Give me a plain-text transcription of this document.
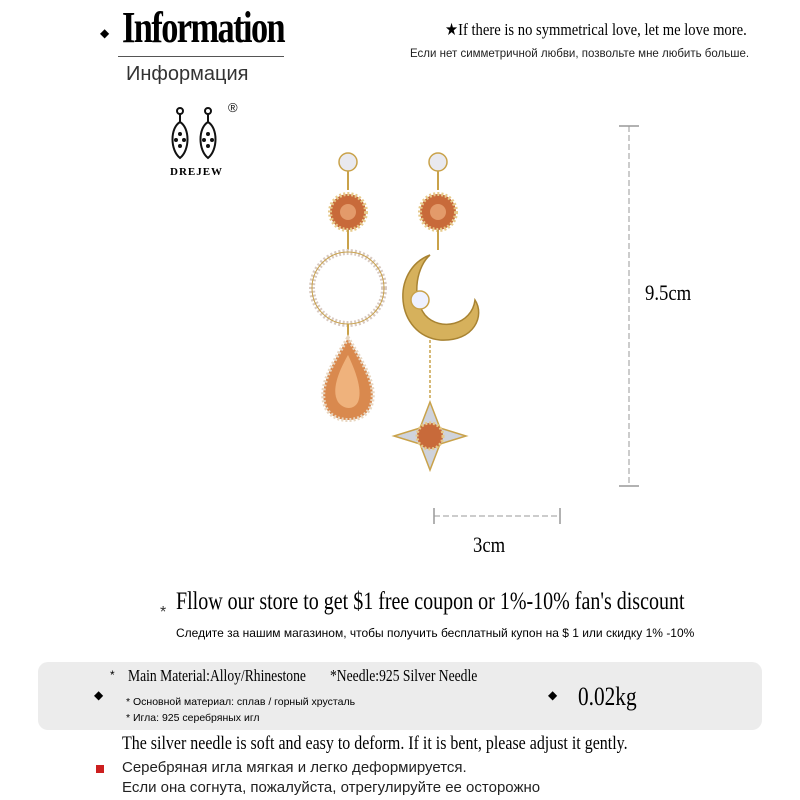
◆ Information
Информация
®
DREJEW
★If there is no symmetrical love, let me love more.
Если нет симметричной любви, позвольте мне любить больше.
9.5cm
3cm
* Fllow our store to get $1 free coupon or 1%-10% fan's discount
Следите за нашим магазином, чтобы получить бесплатный купон на $ 1 или скидку 1% -10%
* Main Material:Alloy/Rhinestone *Needle:925 Silver Needle
◆ * Основной материал: сплав / горный хрусталь
* Игла: 925 серебряных игл
◆ 0.02kg
The silver needle is soft and easy to deform. If it is bent, please adjust it gently.
Серебряная игла мягкая и легко деформируется.
Если она согнута, пожалуйста, отрегулируйте ее осторожно
